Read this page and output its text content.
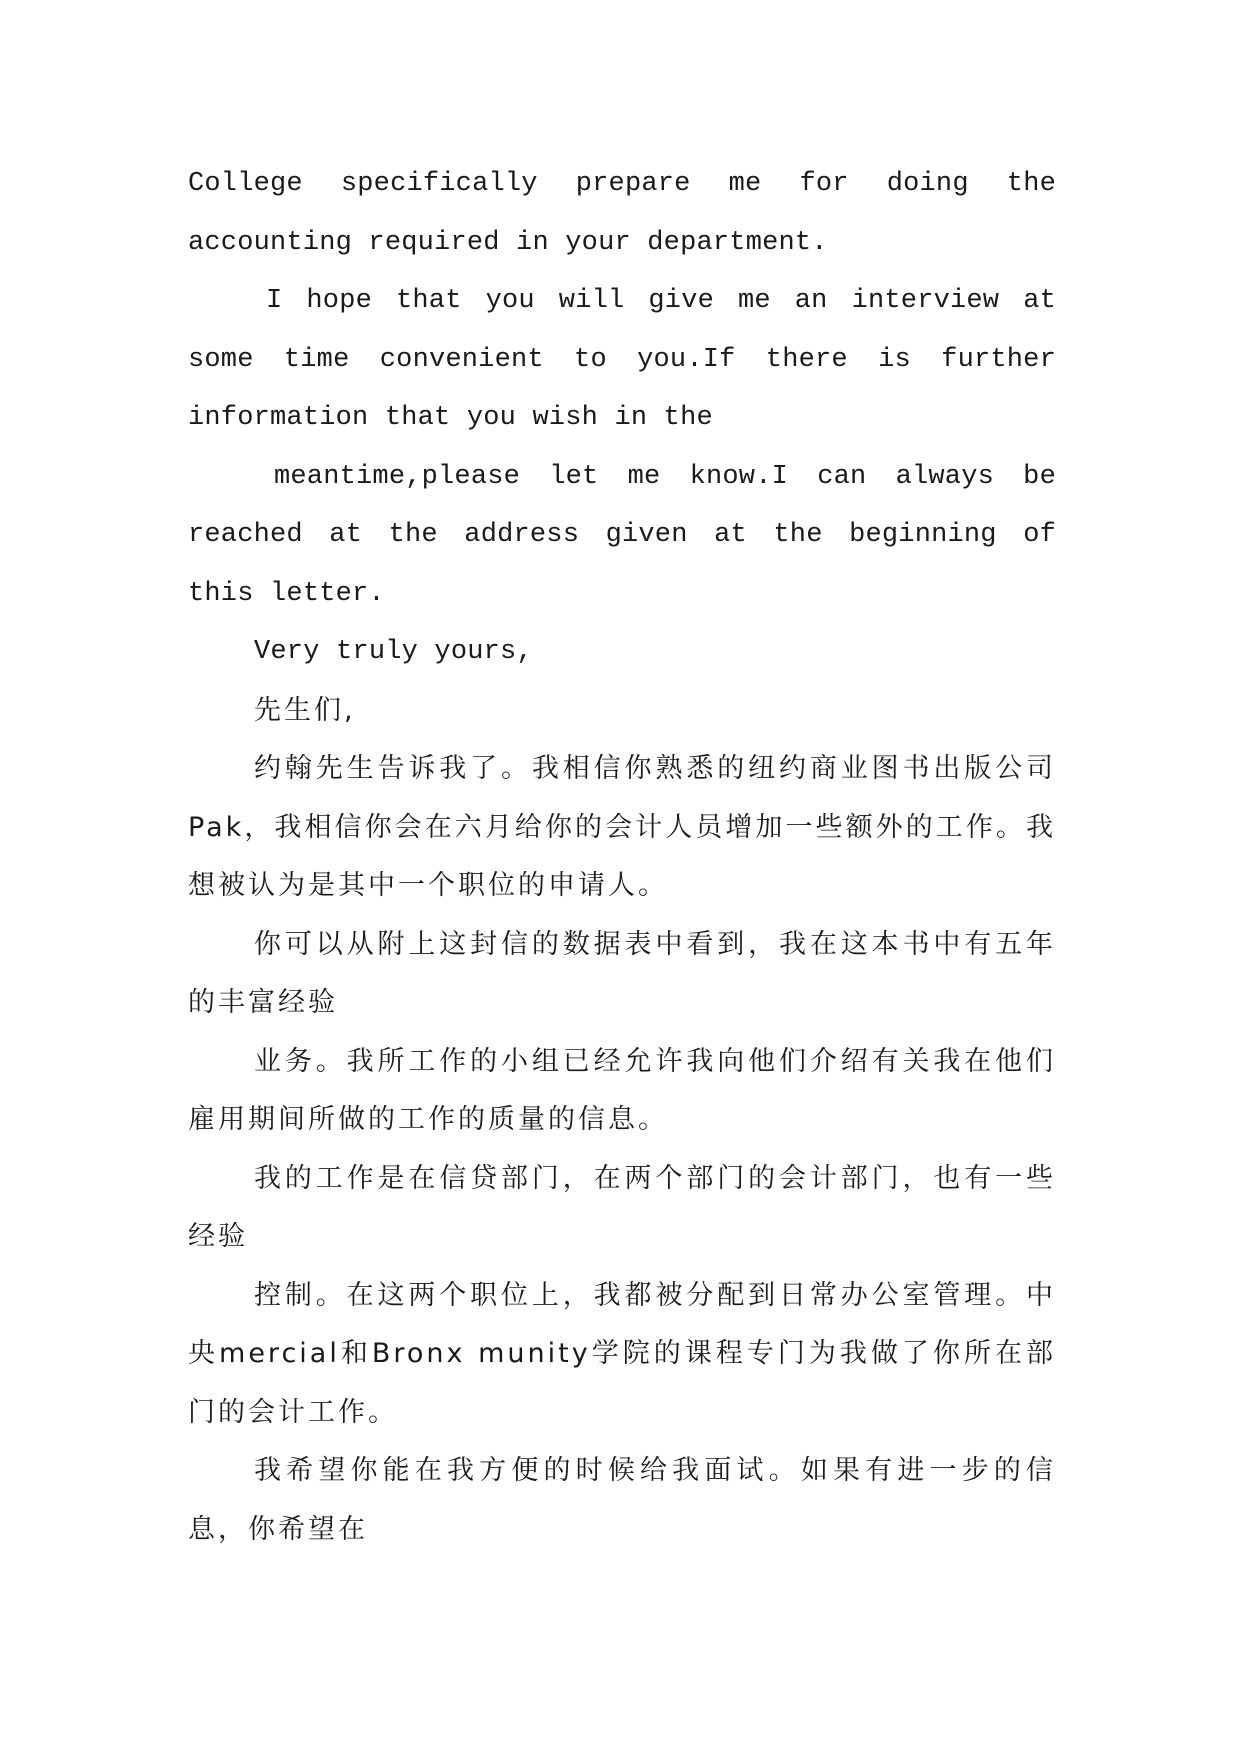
College specifically prepare me for doing the accounting required in your department.

I hope that you will give me an interview at some time convenient to you.If there is further information that you wish in the

meantime,please let me know.I can always be reached at the address given at the beginning of this letter.

Very truly yours,

先生们,

约翰先生告诉我了。我相信你熟悉的纽约商业图书出版公司Pak，我相信你会在六月给你的会计人员增加一些额外的工作。我想被认为是其中一个职位的申请人。

你可以从附上这封信的数据表中看到，我在这本书中有五年的丰富经验

业务。我所工作的小组已经允许我向他们介绍有关我在他们雇用期间所做的工作的质量的信息。

我的工作是在信贷部门，在两个部门的会计部门，也有一些经验

控制。在这两个职位上，我都被分配到日常办公室管理。中央mercial和Bronx munity学院的课程专门为我做了你所在部门的会计工作。

我希望你能在我方便的时候给我面试。如果有进一步的信息，你希望在
